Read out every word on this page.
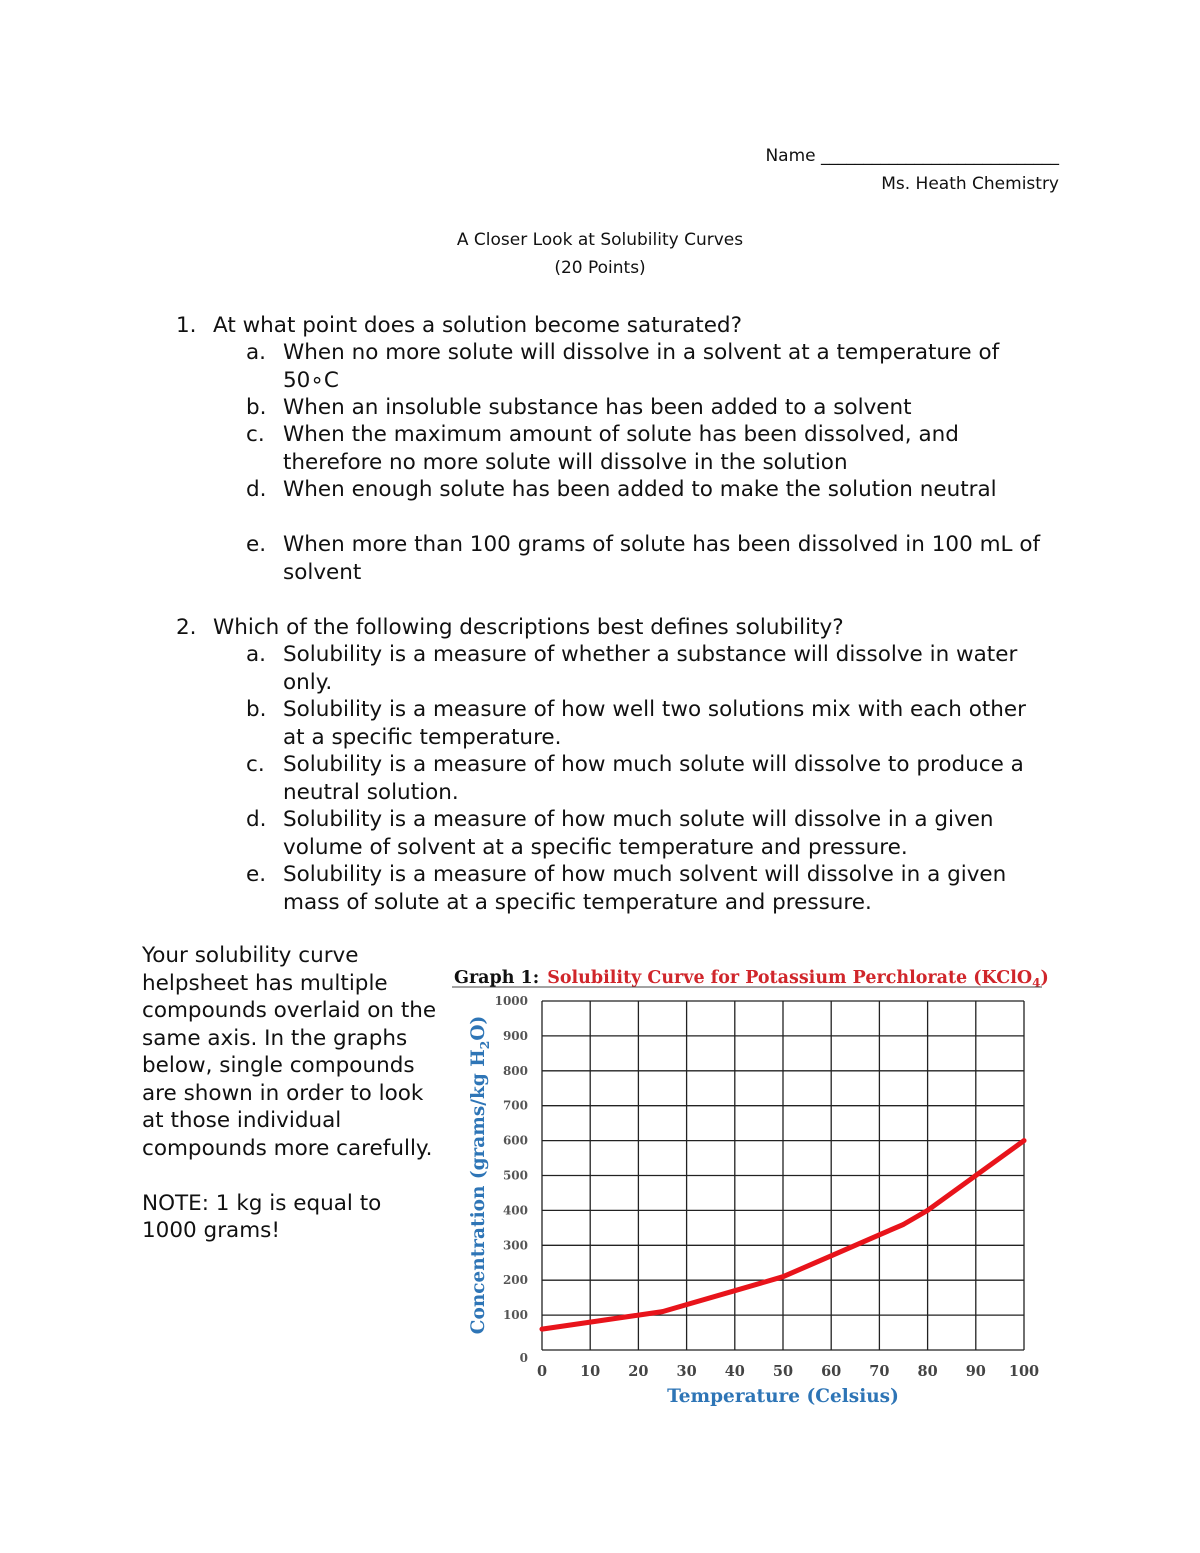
Name ____________________________
Ms. Heath Chemistry
A Closer Look at Solubility Curves
(20 Points)
1. At what point does a solution become saturated?
a. When no more solute will dissolve in a solvent at a temperature of 50∘C
b. When an insoluble substance has been added to a solvent
c. When the maximum amount of solute has been dissolved, and therefore no more solute will dissolve in the solution
d. When enough solute has been added to make the solution neutral
e. When more than 100 grams of solute has been dissolved in 100 mL of solvent
2. Which of the following descriptions best defines solubility?
a. Solubility is a measure of whether a substance will dissolve in water only.
b. Solubility is a measure of how well two solutions mix with each other at a specific temperature.
c. Solubility is a measure of how much solute will dissolve to produce a neutral solution.
d. Solubility is a measure of how much solute will dissolve in a given volume of solvent at a specific temperature and pressure.
e. Solubility is a measure of how much solvent will dissolve in a given mass of solute at a specific temperature and pressure.

Your solubility curve helpsheet has multiple compounds overlaid on the same axis. In the graphs below, single compounds are shown in order to look at those individual compounds more carefully.

NOTE: 1 kg is equal to 1000 grams!

Graph 1: Solubility Curve for Potassium Perchlorate (KClO$_4$)
0
100
200
300
400
500
600
700
800
900
1000
0 10 20 30 40 50 60 70 80 90 100
Concentration (grams/kg $H_2O$)
Temperature (Celsius)
